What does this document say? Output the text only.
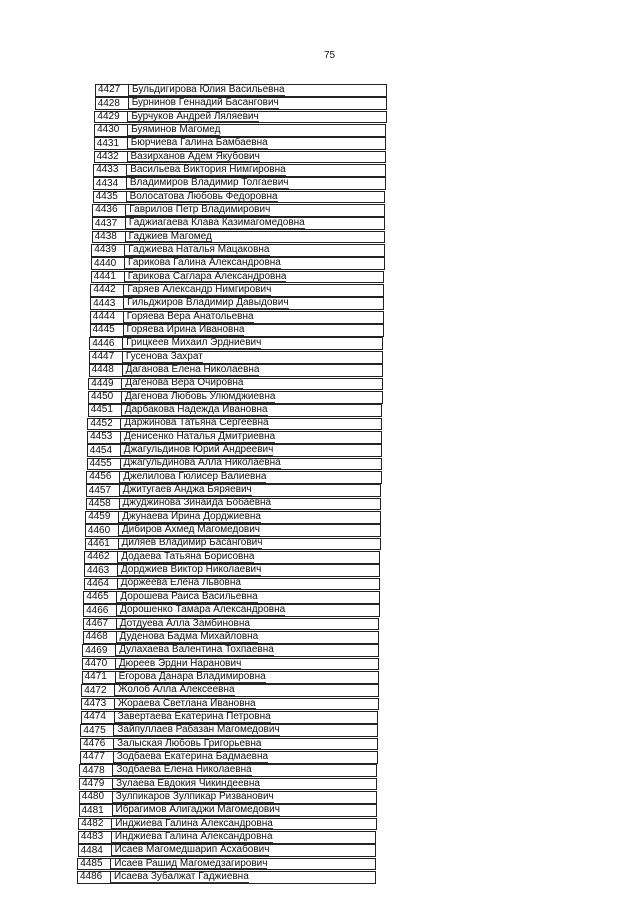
75
4427	Бульдигирова Юлия Васильевна
4428	Бурнинов Геннадий Басангович
4429	Бурчуков Андрей Ляляевич
4430	Буяминов Магомед
4431	Бюрчиева Галина Бамбаевна
4432	Вазирханов Адем Якубович
4433	Васильева Виктория Нимгировна
4434	Владимиров Владимир Толгаевич
4435	Волосатова Любовь Федоровна
4436	Гаврилов Петр Владимирович
4437	Гаджиагаева Клава Казимагомедовна
4438	Гаджиев Магомед
4439	Гаджиева Наталья Мацаковна
4440	Гарикова Галина Александровна
4441	Гарикова Саглара Александровна
4442	Гаряев Александр Нимгирович
4443	Гильджиров Владимир Давыдович
4444	Горяева Вера Анатольевна
4445	Горяева Ирина Ивановна
4446	Грицкеев Михаил Эрдниевич
4447	Гусенова Захрат
4448	Даганова Елена Николаевна
4449	Дагенова Вера Очировна
4450	Дагенова Любовь Улюмджиевна
4451	Дарбакова Надежда Ивановна
4452	Даржинова Татьяна Сергеевна
4453	Денисенко Наталья Дмитриевна
4454	Джагульдинов Юрий Андреевич
4455	Джагульдинова Алла Николаевна
4456	Джелилова Гюлисер Валиевна
4457	Джитугаев Анджа Бяряевич
4458	Джуджинова Зинаида Бобаевна
4459	Джунаева Ирина Дорджиевна
4460	Дибиров Ахмед Магомедович
4461	Диляев Владимир Басангович
4462	Додаева Татьяна Борисовна
4463	Дорджиев Виктор Николаевич
4464	Доржеева Елена Львовна
4465	Дорошева Раиса Васильевна
4466	Дорошенко Тамара Александровна
4467	Дотдуева Алла Замбиновна
4468	Дуденова Бадма Михайловна
4469	Дулахаева Валентина Тохпаевна
4470	Дюреев Эрдни Наранович
4471	Егорова Данара Владимировна
4472	Жолоб Алла Алексеевна
4473	Жораева Светлана Ивановна
4474	Завертаева Екатерина Петровна
4475	Зайпуллаев Рабазан Магомедович
4476	Залыская Любовь Григорьевна
4477	Зодбаева Екатерина Бадмаевна
4478	Зодбаева Елена Николаевна
4479	Зулаева Евдокия Чикиндеевна
4480	Зулпикаров Зулпикар Ризванович
4481	Ибрагимов Алигаджи Магомедович
4482	Инджиева Галина Александровна
4483	Инджиева Галина Александровна
4484	Исаев Магомедшарип Асхабович
4485	Исаев Рашид Магомедзагирович
4486	Исаева Зубалжат Гаджиевна
